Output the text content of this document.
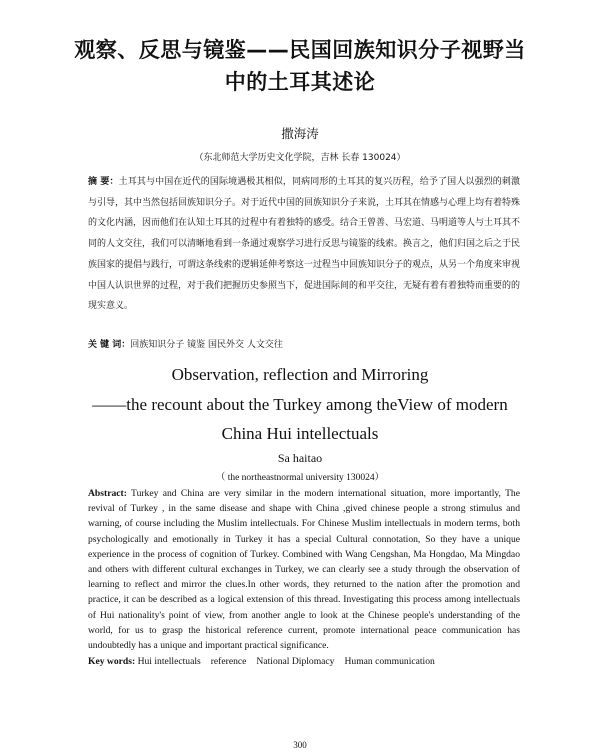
观察、反思与镜鉴——民国回族知识分子视野当中的土耳其述论
撒海涛
（东北师范大学历史文化学院，吉林 长春 130024）
摘 要：土耳其与中国在近代的国际境遇极其相似，同病同形的土耳其的复兴历程，给予了国人以强烈的刺激与引导，其中当然包括回族知识分子。对于近代中国的回族知识分子来说，土耳其在情感与心理上均有着特殊的文化内涵，因而他们在认知土耳其的过程中有着独特的感受。结合王曾善、马宏道、马明道等人与土耳其不同的人文交往，我们可以清晰地看到一条通过观察学习进行反思与镜鉴的线索。换言之，他们归国之后之于民族国家的提倡与践行，可谓这条线索的逻辑延伸考察这一过程当中回族知识分子的观点，从另一个角度来审视中国人认识世界的过程，对于我们把握历史参照当下，促进国际间的和平交往，无疑有着有着独特而重要的的现实意义。
关 键 词：回族知识分子 镜鉴 国民外交 人文交往
Observation, reflection and Mirroring
——the recount about the Turkey among theView of modern
China Hui intellectuals
Sa haitao
（ the northeastnormal university 130024）
Abstract: Turkey and China are very similar in the modern international situation, more importantly, The revival of Turkey , in the same disease and shape with China ,gived chinese people a strong stimulus and warning, of course including the Muslim intellectuals. For Chinese Muslim intellectuals in modern terms, both psychologically and emotionally in Turkey it has a special Cultural connotation, So they have a unique experience in the process of cognition of Turkey. Combined with Wang Cengshan, Ma Hongdao, Ma Mingdao and others with different cultural exchanges in Turkey, we can clearly see a study through the observation of learning to reflect and mirror the clues.In other words, they returned to the nation after the promotion and practice, it can be described as a logical extension of this thread. Investigating this process among intellectuals of Hui nationality's point of view, from another angle to look at the Chinese people's understanding of the world, for us to grasp the historical reference current, promote international peace communication has undoubtedly has a unique and important practical significance.
Key words: Hui intellectuals reference National Diplomacy Human communication
300
